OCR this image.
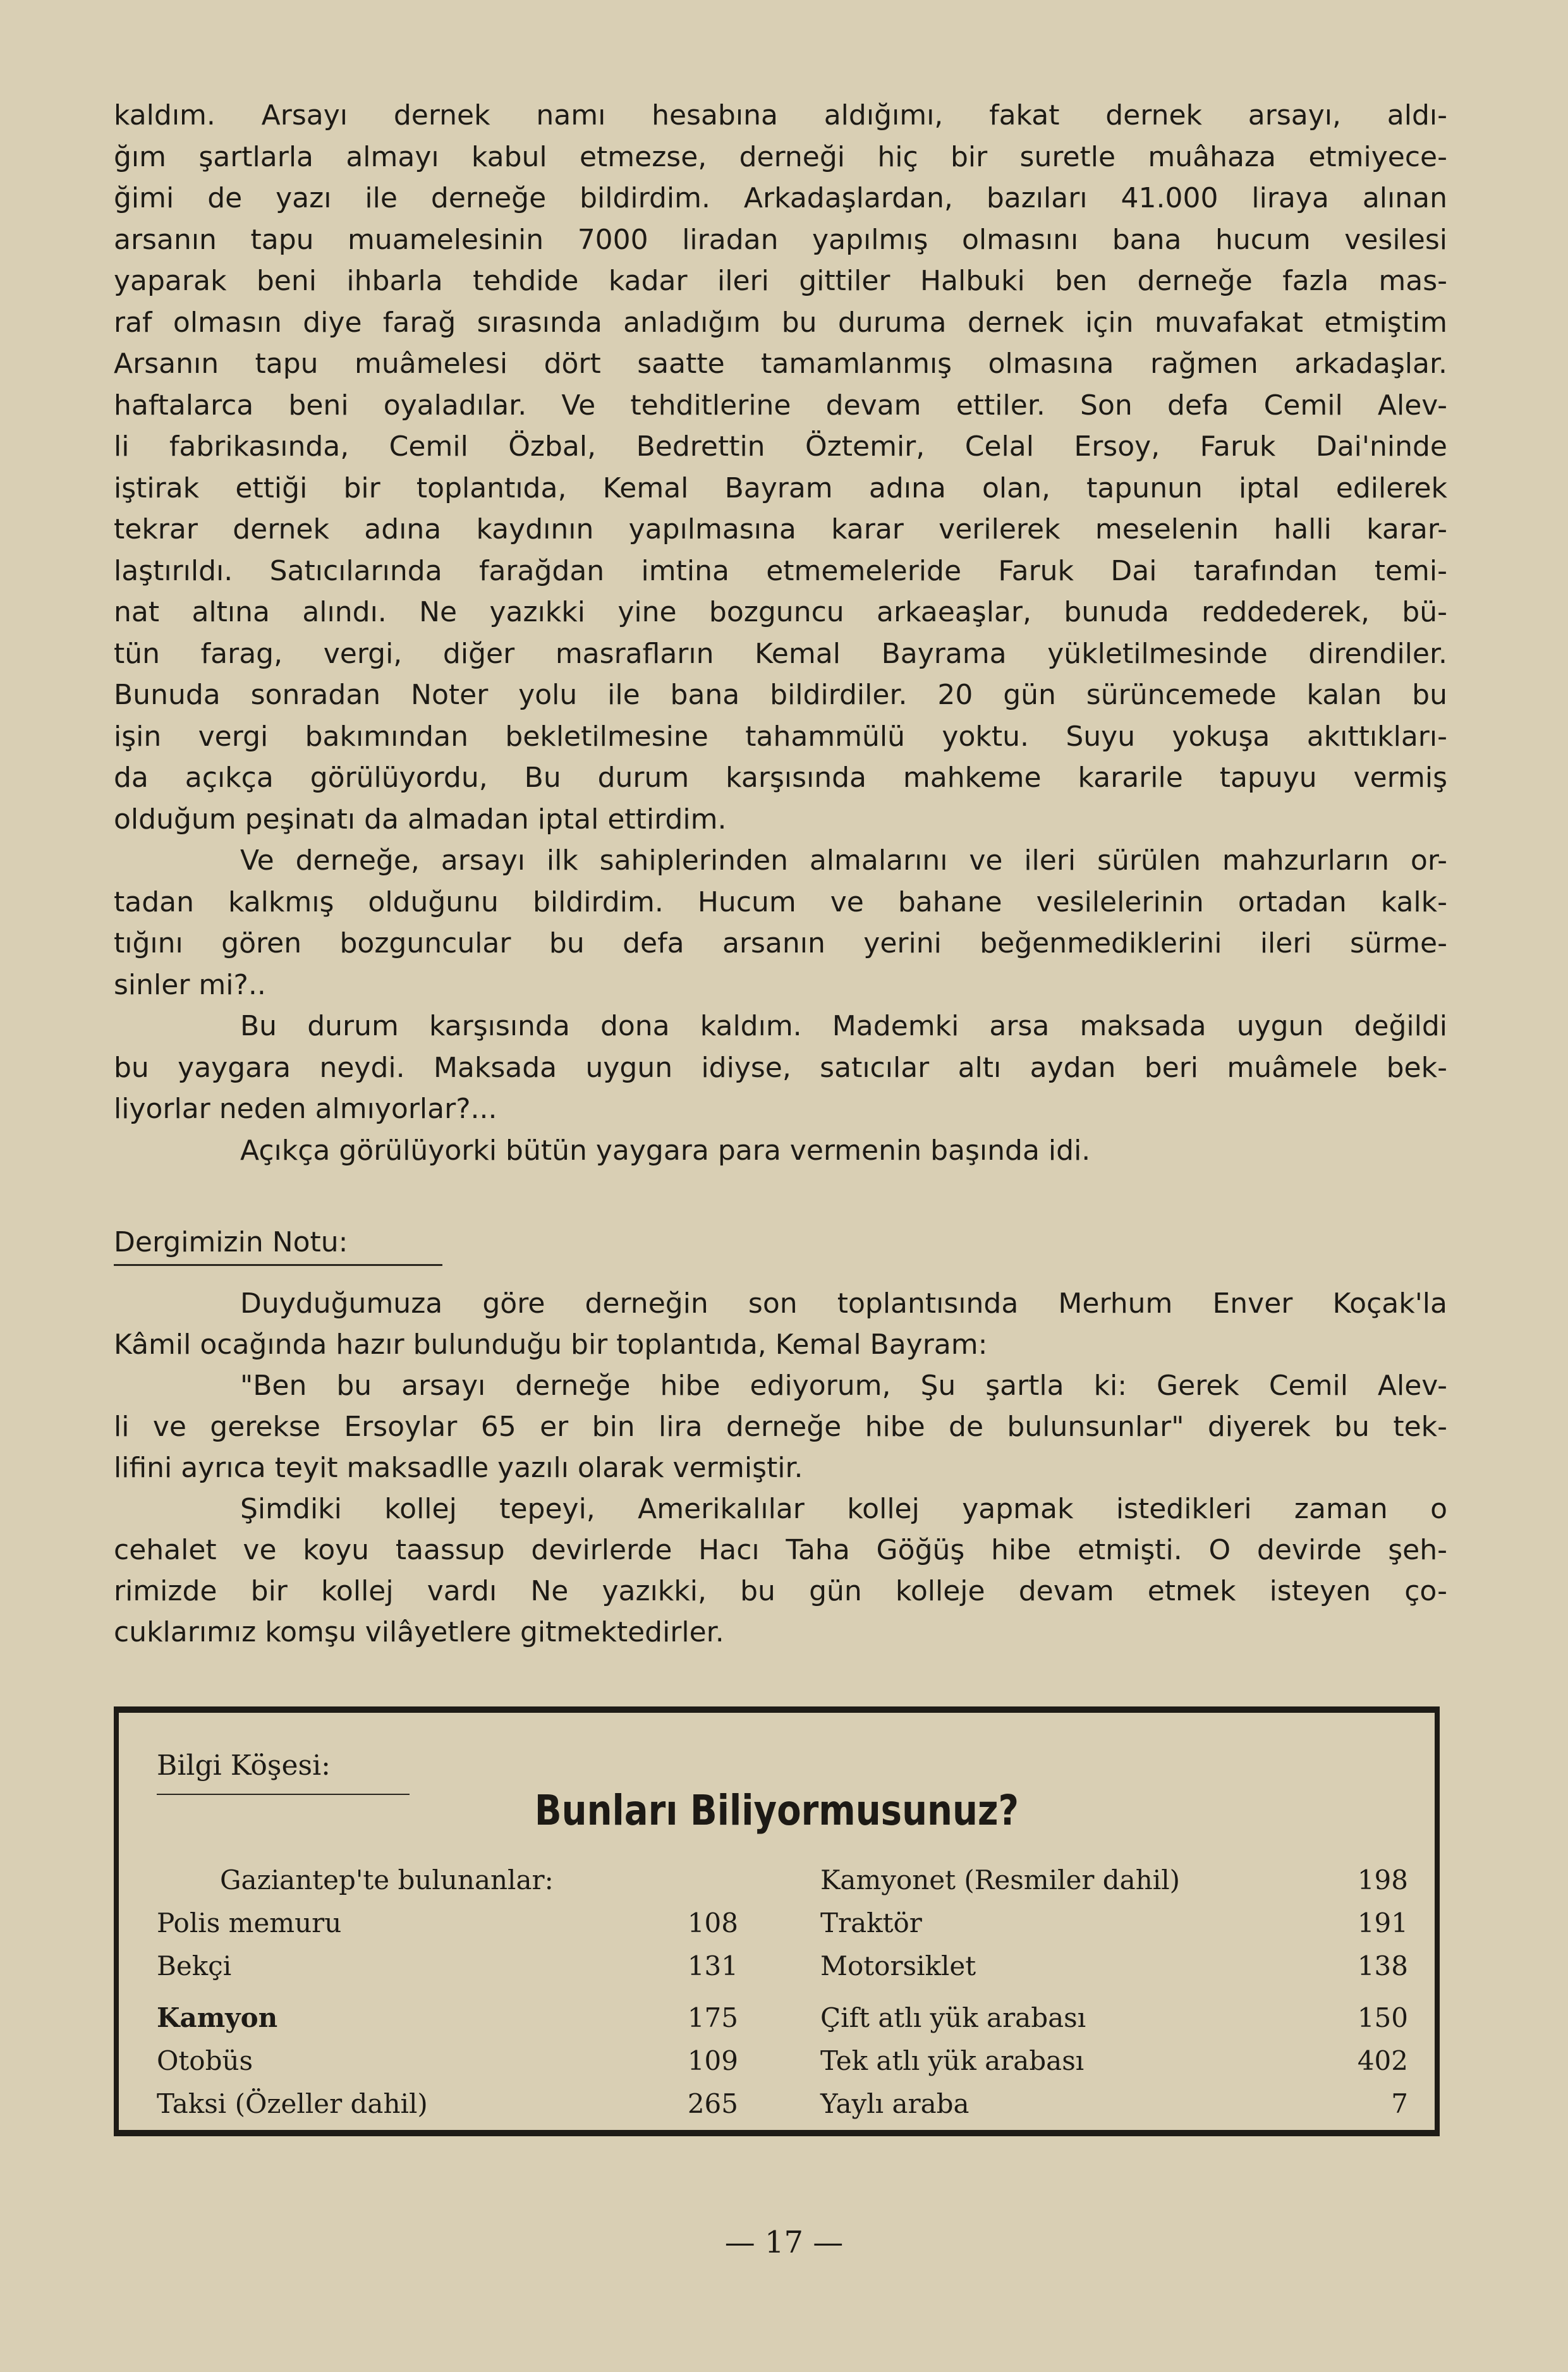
kaldım. Arsayı dernek namı hesabına aldığımı, fakat dernek arsayı, aldı-
ğım şartlarla almayı kabul etmezse, derneği hiç bir suretle muâhaza etmiyece-
ğimi de yazı ile derneğe bildirdim. Arkadaşlardan, bazıları 41.000 liraya alınan
arsanın tapu muamelesinin 7000 liradan yapılmış olmasını bana hucum vesilesi
yaparak beni ihbarla tehdide kadar ileri gittiler Halbuki ben derneğe fazla mas-
raf olmasın diye farağ sırasında anladığım bu duruma dernek için muvafakat etmiştim
Arsanın tapu muâmelesi dört saatte tamamlanmış olmasına rağmen arkadaşlar.
haftalarca beni oyaladılar. Ve tehditlerine devam ettiler. Son defa Cemil Alev-
li fabrikasında, Cemil Özbal, Bedrettin Öztemir, Celal Ersoy, Faruk Dai'ninde
iştirak ettiği bir toplantıda, Kemal Bayram adına olan, tapunun iptal edilerek
tekrar dernek adına kaydının yapılmasına karar verilerek meselenin halli karar-
laştırıldı. Satıcılarında farağdan imtina etmemeleride Faruk Dai tarafından temi-
nat altına alındı. Ne yazıkki yine bozguncu arkaeaşlar, bunuda reddederek, bü-
tün farag, vergi, diğer masrafların Kemal Bayrama yükletilmesinde direndiler.
Bunuda sonradan Noter yolu ile bana bildirdiler. 20 gün sürüncemede kalan bu
işin vergi bakımından bekletilmesine tahammülü yoktu. Suyu yokuşa akıttıkları-
da açıkça görülüyordu, Bu durum karşısında mahkeme kararile tapuyu vermiş
olduğum peşinatı da almadan iptal ettirdim.

Ve derneğe, arsayı ilk sahiplerinden almalarını ve ileri sürülen mahzurların or-
tadan kalkmış olduğunu bildirdim. Hucum ve bahane vesilelerinin ortadan kalk-
tığını gören bozguncular bu defa arsanın yerini beğenmediklerini ileri sürme-
sinler mi?..

Bu durum karşısında dona kaldım. Mademki arsa maksada uygun değildi
bu yaygara neydi. Maksada uygun idiyse, satıcılar altı aydan beri muâmele bek-
liyorlar neden almıyorlar?...

Açıkça görülüyorki bütün yaygara para vermenin başında idi.

Dergimizin Notu:

Duyduğumuza göre derneğin son toplantısında Merhum Enver Koçak'la
Kâmil ocağında hazır bulunduğu bir toplantıda, Kemal Bayram:

"Ben bu arsayı derneğe hibe ediyorum, Şu şartla ki: Gerek Cemil Alev-
li ve gerekse Ersoylar 65 er bin lira derneğe hibe de bulunsunlar" diyerek bu tek-
lifini ayrıca teyit maksadlle yazılı olarak vermiştir.

Şimdiki kollej tepeyi, Amerikalılar kollej yapmak istedikleri zaman o
cehalet ve koyu taassup devirlerde Hacı Taha Göğüş hibe etmişti. O devirde şeh-
rimizde bir kollej vardı Ne yazıkki, bu gün kolleje devam etmek isteyen ço-
cuklarımız komşu vilâyetlere gitmektedirler.

Bilgi Köşesi:
Bunları Biliyormusunuz?
Gaziantep'te bulunanlar:
Polis memuru	108
Bekçi	131
Kamyon	175
Otobüs	109
Taksi (Özeller dahil)	265
Kamyonet (Resmiler dahil)	198
Traktör	191
Motorsiklet	138
Çift atlı yük arabası	150
Tek atlı yük arabası	402
Yaylı araba	7
— 17 —
